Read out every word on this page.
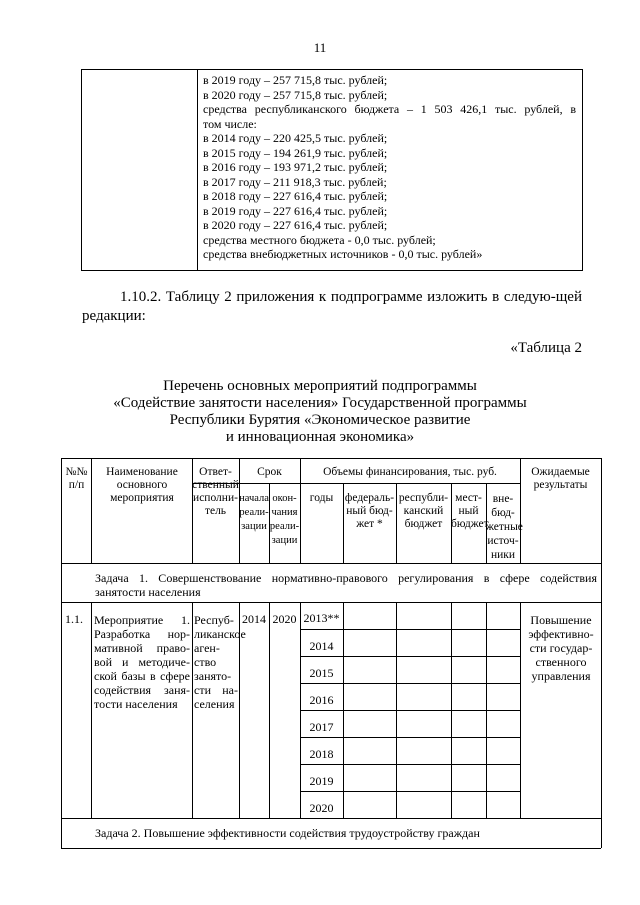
11
в 2019 году – 257 715,8 тыс. рублей;
в 2020 году – 257 715,8 тыс. рублей;
средства республиканского бюджета – 1 503 426,1 тыс. рублей, в
том числе:
в 2014 году – 220 425,5 тыс. рублей;
в 2015 году – 194 261,9 тыс. рублей;
в 2016 году – 193 971,2 тыс. рублей;
в 2017 году – 211 918,3 тыс. рублей;
в 2018 году – 227 616,4 тыс. рублей;
в 2019 году – 227 616,4 тыс. рублей;
в 2020 году – 227 616,4 тыс. рублей;
средства местного бюджета - 0,0 тыс. рублей;
средства внебюджетных источников - 0,0 тыс. рублей»
1.10.2. Таблицу 2 приложения к подпрограмме изложить в следую-щей редакции:
«Таблица 2
Перечень основных мероприятий подпрограммы
«Содействие занятости населения» Государственной программы
Республики Бурятия «Экономическое развитие
и инновационная экономика»
№№ п/п
Наименование основного мероприятия
Ответ-ственный исполни-тель
Срок
начала реали-зации
окон-чания реали-зации
Объемы финансирования, тыс. руб.
годы	федераль-ный бюд-жет *
республи-канский бюджет
мест-ный бюджет
вне-бюд-жетные источ-ники
Ожидаемые результаты
Задача 1. Совершенствование нормативно-правового регулирования в сфере содействия занятости населения
1.1. Мероприятие 1. Разработка нор-мативной право-вой и методиче-ской базы в сфере содействия заня-тости населения
Респуб-ликанское аген-ство занято-сти на-селения
2014 2020 2013**
2014
2015
2016
2017
2018
2019
2020
Повышение эффективно-сти государ-ственного управления
Задача 2. Повышение эффективности содействия трудоустройству граждан
